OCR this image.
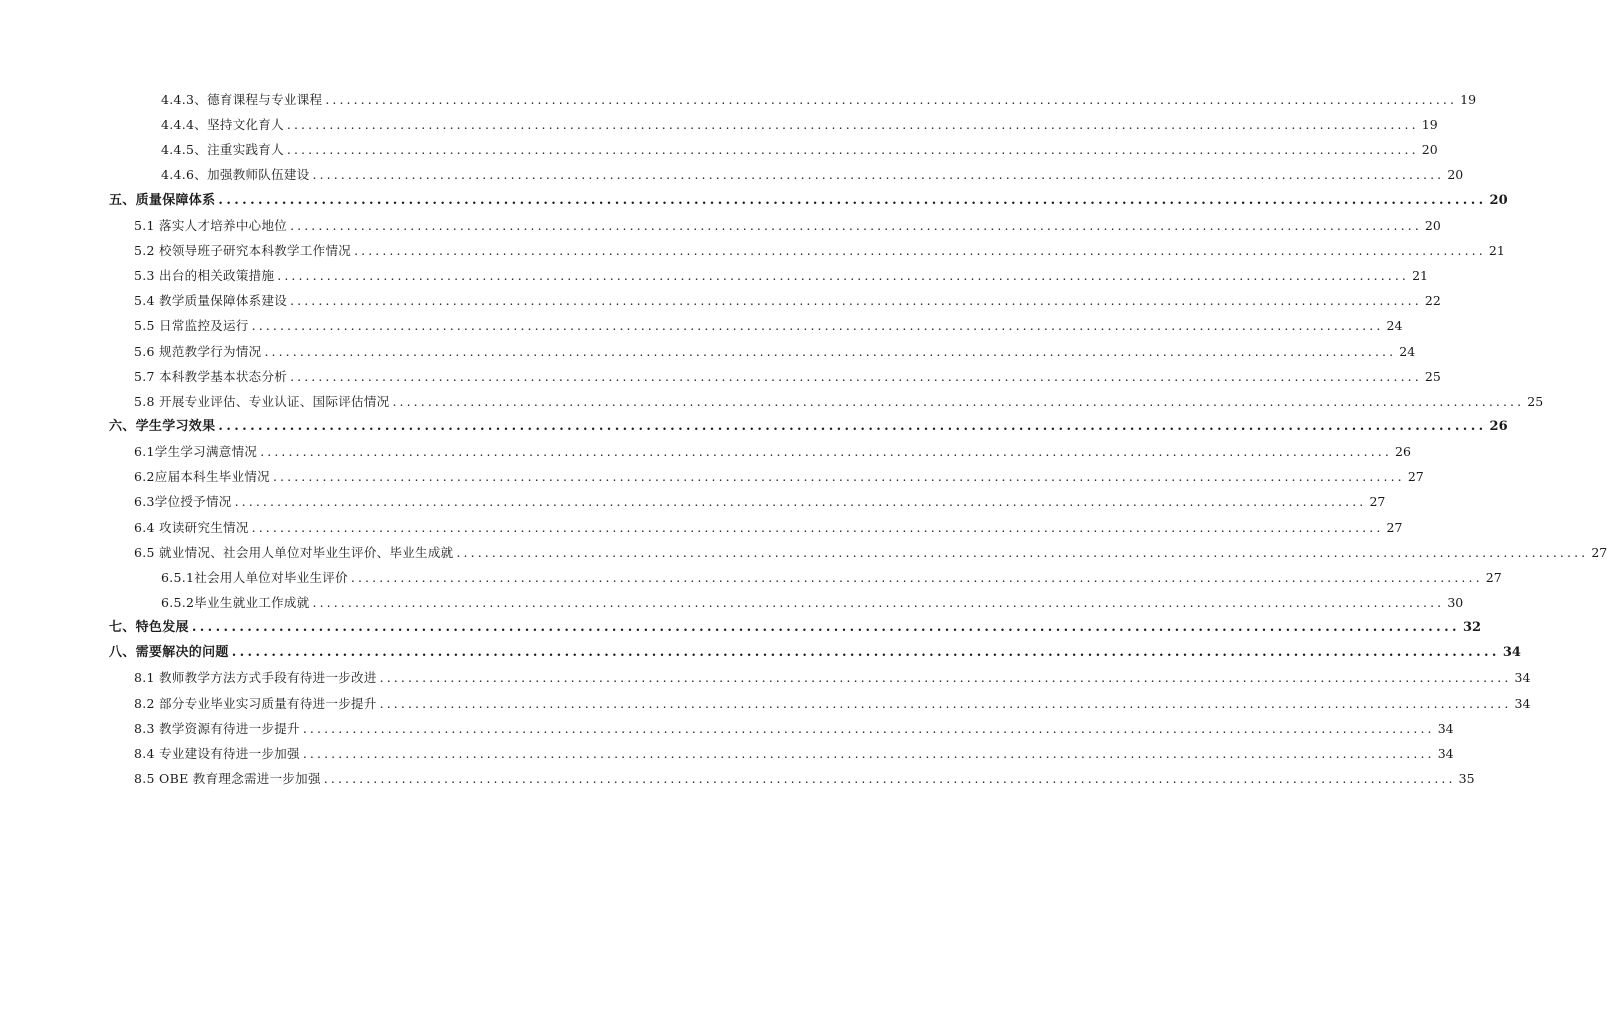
4.4.3、德育课程与专业课程 ................................................................................................................................................................ 19
4.4.4、坚持文化育人 ................................................................................................................................................................ 19
4.4.5、注重实践育人 ................................................................................................................................................................ 20
4.4.6、加强教师队伍建设 ................................................................................................................................................................ 20
五、质量保障体系 ................................................................................................................................................................ 20
5.1 落实人才培养中心地位 ................................................................................................................................................................ 20
5.2 校领导班子研究本科教学工作情况 ................................................................................................................................................................ 21
5.3 出台的相关政策措施 ................................................................................................................................................................ 21
5.4 教学质量保障体系建设 ................................................................................................................................................................ 22
5.5 日常监控及运行 ................................................................................................................................................................ 24
5.6 规范教学行为情况 ................................................................................................................................................................ 24
5.7 本科教学基本状态分析 ................................................................................................................................................................ 25
5.8 开展专业评估、专业认证、国际评估情况 ................................................................................................................................................................ 25
六、学生学习效果 ................................................................................................................................................................ 26
6.1学生学习满意情况 ................................................................................................................................................................ 26
6.2应届本科生毕业情况 ................................................................................................................................................................ 27
6.3学位授予情况 ................................................................................................................................................................ 27
6.4 攻读研究生情况 ................................................................................................................................................................ 27
6.5 就业情况、社会用人单位对毕业生评价、毕业生成就 ................................................................................................................................................................ 27
6.5.1社会用人单位对毕业生评价 ................................................................................................................................................................ 27
6.5.2毕业生就业工作成就 ................................................................................................................................................................ 30
七、特色发展 ................................................................................................................................................................ 32
八、需要解决的问题 ................................................................................................................................................................ 34
8.1 教师教学方法方式手段有待进一步改进 ................................................................................................................................................................ 34
8.2 部分专业毕业实习质量有待进一步提升 ................................................................................................................................................................ 34
8.3 教学资源有待进一步提升 ................................................................................................................................................................ 34
8.4 专业建设有待进一步加强 ................................................................................................................................................................ 34
8.5 OBE 教育理念需进一步加强 ................................................................................................................................................................ 35
